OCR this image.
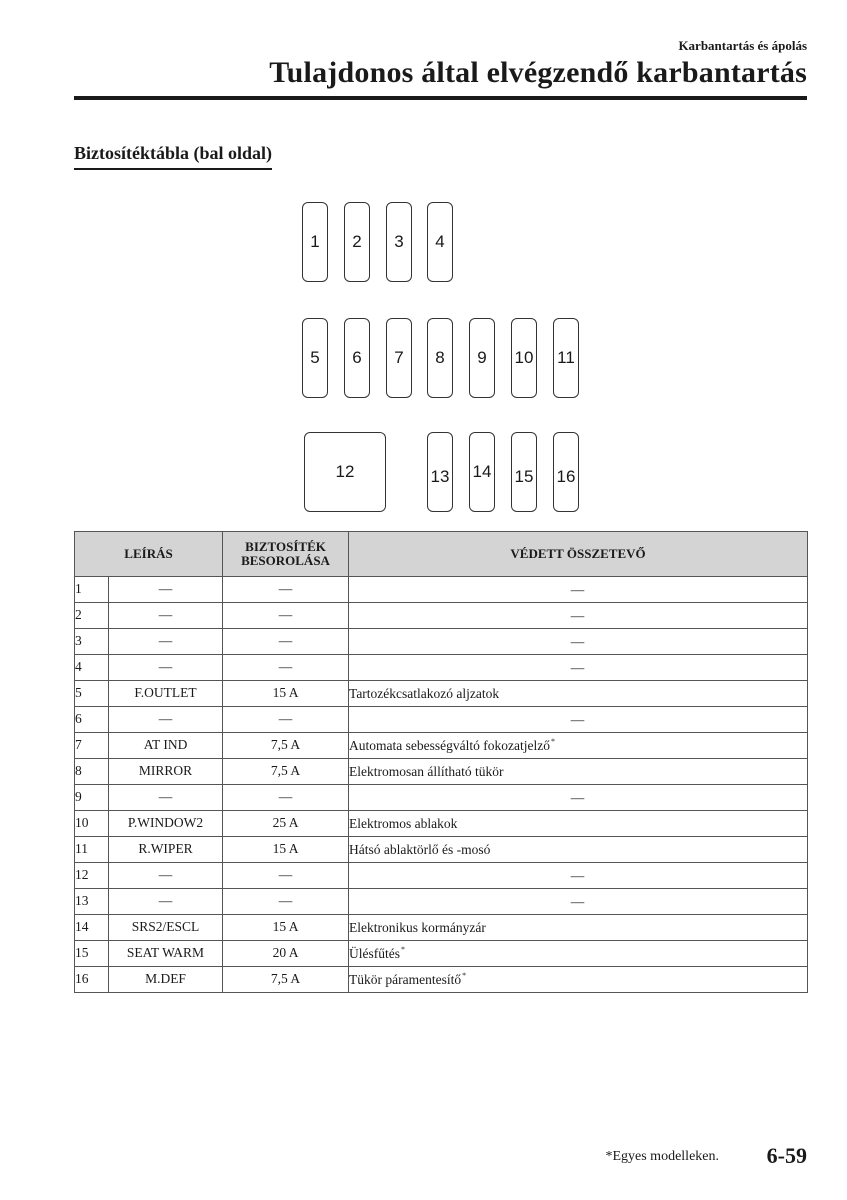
Karbantartás és ápolás
Tulajdonos által elvégzendő karbantartás
Biztosítéktábla (bal oldal)
1 2 3 4
5 6 7 8 9 10 11
12	13 14 15 16
LEÍRÁS		BIZTOSÍTÉK
BESOROLÁSA	VÉDETT ÖSSZETEVŐ
1	—	—	—
2	—	—	—
3	—	—	—
4	—	—	—
5	F.OUTLET	15 A	Tartozékcsatlakozó aljzatok
6	—	—	—
7	AT IND	7,5 A	Automata sebességváltó fokozatjelző*
8	MIRROR	7,5 A	Elektromosan állítható tükör
9	—	—	—
10	P.WINDOW2	25 A	Elektromos ablakok
11	R.WIPER	15 A	Hátsó ablaktörlő és -mosó
12	—	—	—
13	—	—	—
14	SRS2/ESCL	15 A	Elektronikus kormányzár
15	SEAT WARM	20 A	Ülésfűtés*
16	M.DEF	7,5 A	Tükör páramentesítő*
*Egyes modelleken. 6-59
